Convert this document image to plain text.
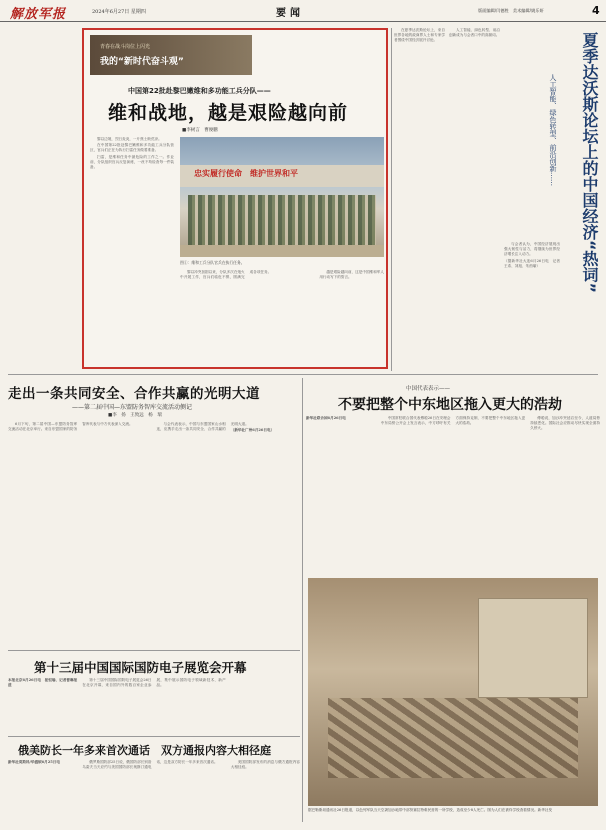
解放军报	2024年6月27日 星期四	要闻	版面编辑/闫德胜　美术编辑/姚乐妍	4
青春在战斗岗位上闪光
我的“新时代奋斗观”
中国第22批赴黎巴嫩维和多功能工兵分队——
维和战地，越是艰险越向前
■李树言　曹俊鹏
忠实履行使命　维护世界和平

黎以边境，烈日炎炎，一片焦土般荒凉。

在中国第22批赴黎巴嫩维和多功能工兵分队营区，官兵们正在为执行扫雷任务做着准备。

扫雷，是维和任务中最危险的工作之一。作业前，分队组织官兵反复演练，一丝不苟检查每一件装备。

图①：维和工兵分队官兵在执行任务。

黎以冲突加剧以来，分队多次在炮火中开展工作，官兵们临危不惧，圆满完成各项任务。	越是艰险越向前，这是中国维和军人用行动写下的誓言。

在夏季达沃斯论坛上，来自世界各地的政商界人士和专家学者围绕中国经济展开讨论。

人工智能、绿色转型、前沿创新成为与会者口中的高频词。	夏季达沃斯论坛上的中国经济“热词”
人工智能、绿色转型、前沿创新……

与会者认为，中国经济展现出强大韧性与活力，将继续为世界经济增长注入动力。

（据新华社大连6月26日电　记者王希、刘旭、朱茵瑜）

走出一条共同安全、合作共赢的光明大道
——第二届中国—东盟防务智库交流活动侧记
■李　扬　王致远　杨　瑞

6月下旬，第二届中国—东盟防务智库交流活动在北京举行。来自东盟国家的防务智库代表与中方代表深入交流。	与会代表表示，中国与东盟国家山水相连，应携手走出一条共同安全、合作共赢的光明大道。

（新华社广州6月26日电）

中国代表表示——
不要把整个中东地区拖入更大的浩劫

新华社联合国6月26日电	中国常驻联合国代表傅聪26日在安理会中东局势公开会上发言表示，中方呼吁有关方面保持克制，不要把整个中东地区拖入更大的浩劫。

傅聪说，加沙冲突延宕至今，人道局势持续恶化。国际社会应推动尽快实现全面持久停火。

据巴勒斯坦通讯社26日报道，以色列军队当天空袭加沙地带中部努赛拉特难民营的一所学校，造成至少8人死亡。图为人们在被炸学校查看情况。新华社发
第十三届中国国际国防电子展览会开幕

本报北京6月26日电　崔恒瑜、记者曹琳报道

第十三届中国国际国防电子展览会26日在北京开幕，来自国内外的数百家企业参展，集中展示国防电子领域新技术、新产品。

俄美防长一年多来首次通话　双方通报内容大相径庭

新华社莫斯科/华盛顿6月25日电	俄罗斯国防部25日说，俄国防部长别洛乌索夫当天应约与美国国防部长奥斯汀通电话，这是双方防长一年多来首次通话。	美国国防部发布的消息与俄方通报内容大相径庭。
